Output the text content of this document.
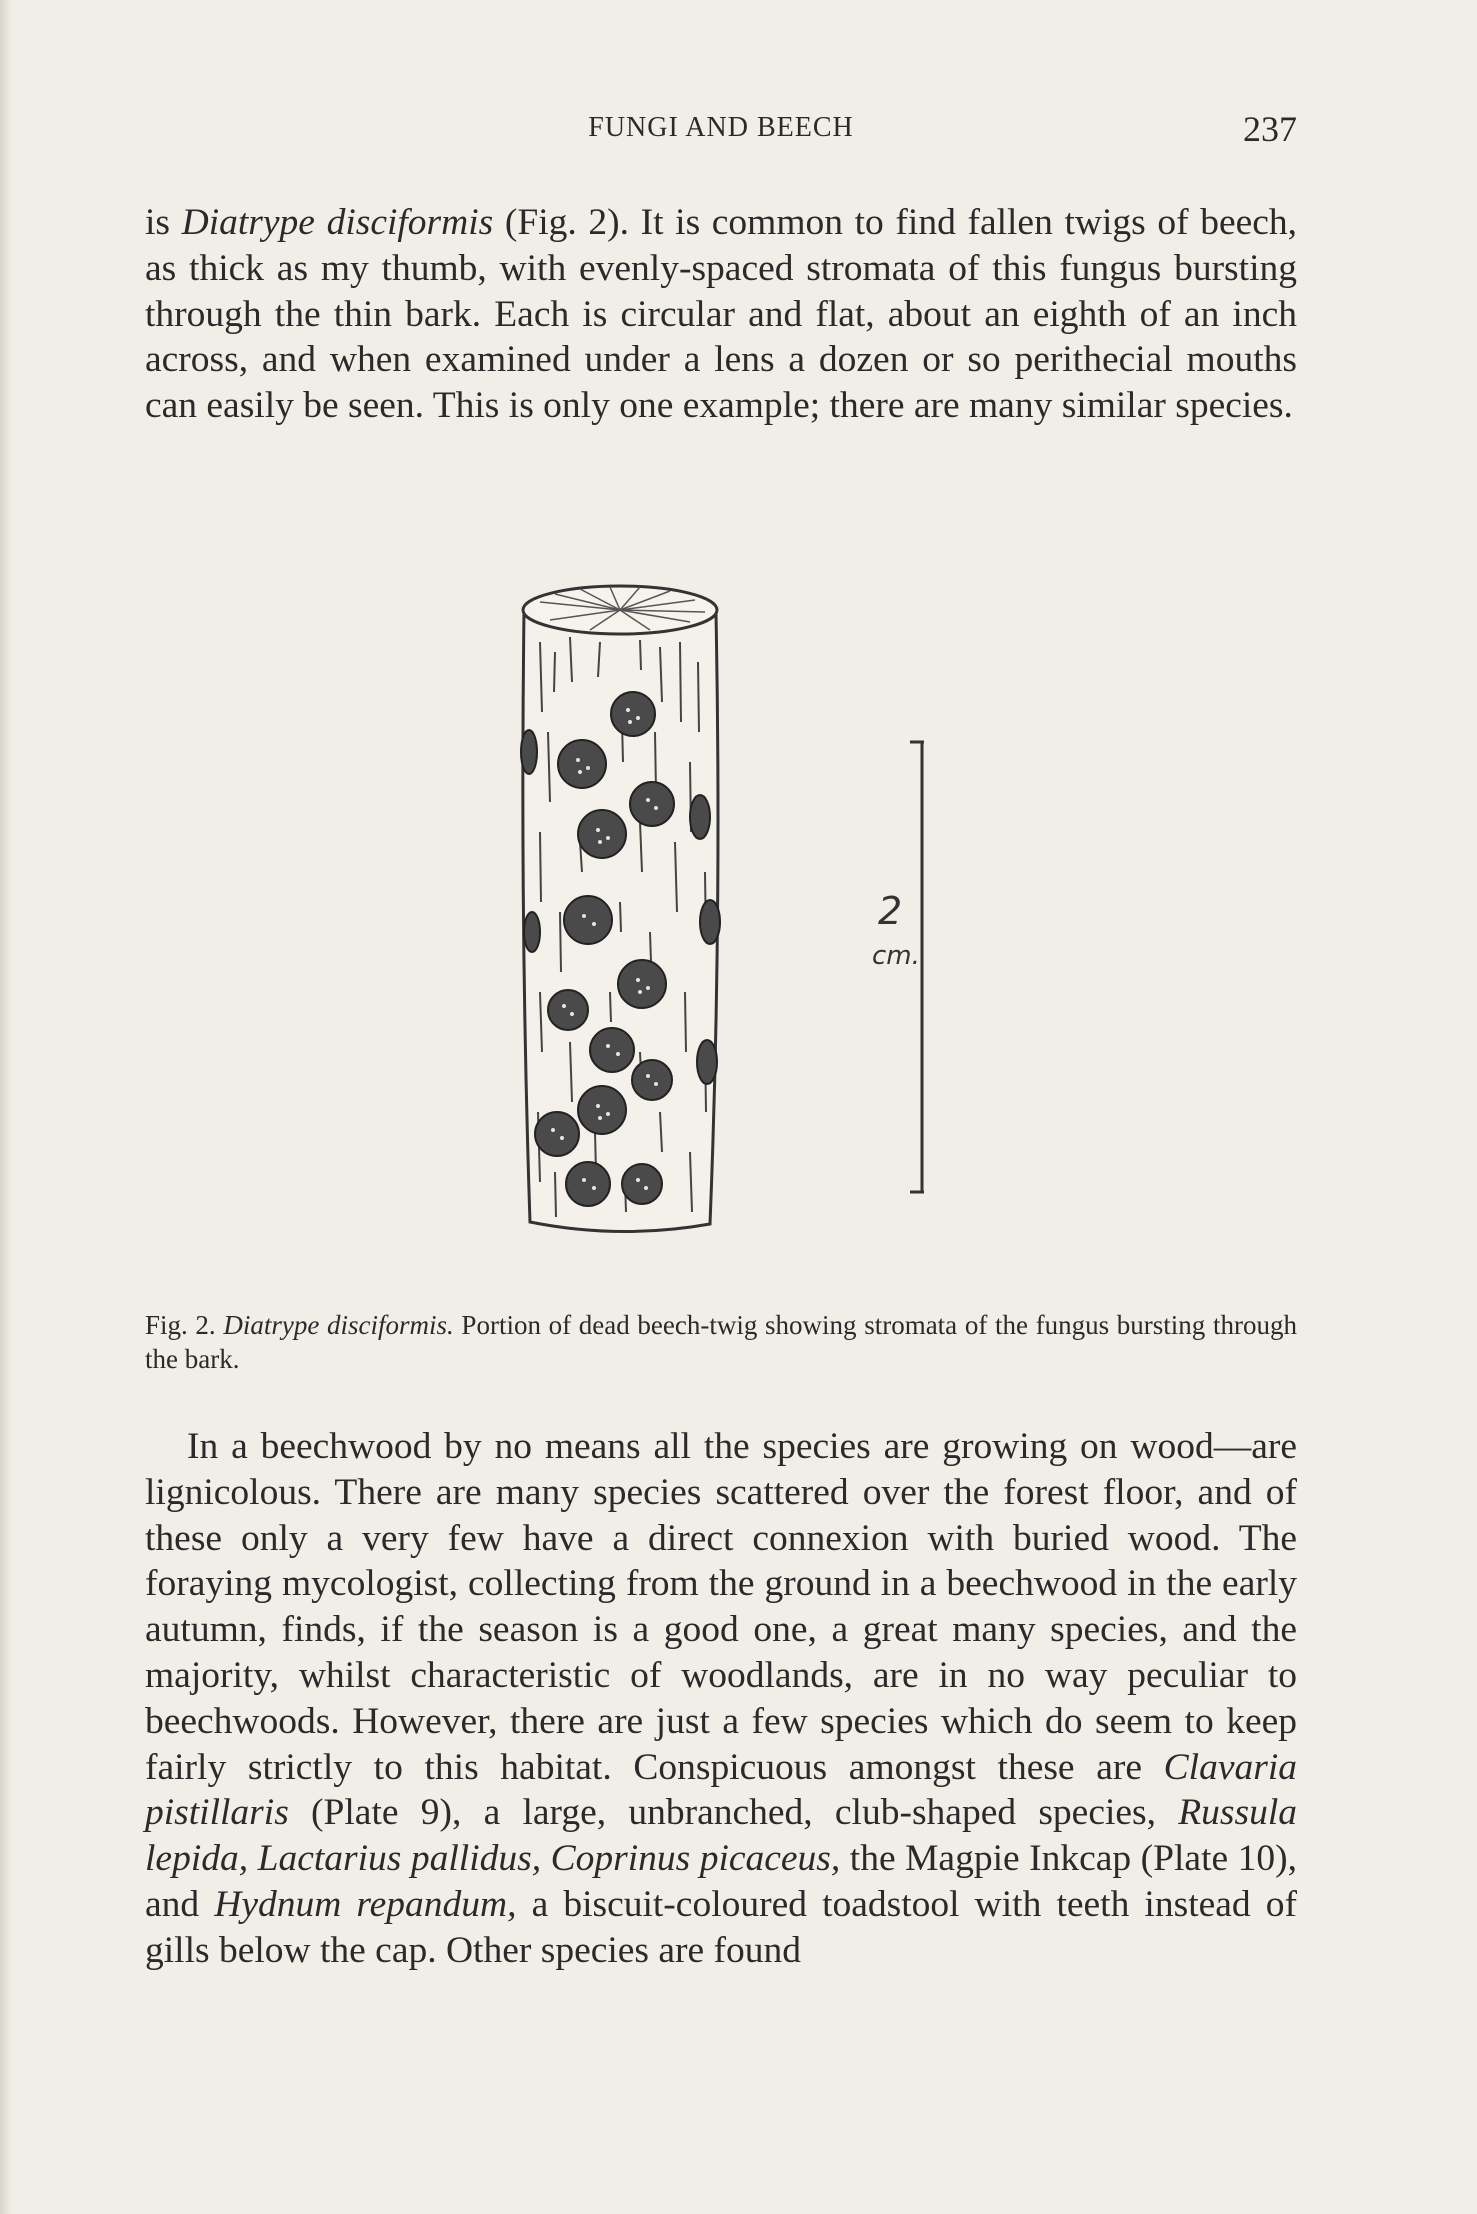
FUNGI AND BEECH	237

is Diatrype disciformis (Fig. 2). It is common to find fallen twigs of beech, as thick as my thumb, with evenly-spaced stromata of this fungus bursting through the thin bark. Each is circular and flat, about an eighth of an inch across, and when examined under a lens a dozen or so perithecial mouths can easily be seen. This is only one example; there are many similar species.

2
cm.

Fig. 2. Diatrype disciformis. Portion of dead beech-twig showing stromata of the fungus bursting through the bark.

In a beechwood by no means all the species are growing on wood—are lignicolous. There are many species scattered over the forest floor, and of these only a very few have a direct connexion with buried wood. The foraying mycologist, collecting from the ground in a beechwood in the early autumn, finds, if the season is a good one, a great many species, and the majority, whilst characteristic of woodlands, are in no way peculiar to beechwoods. However, there are just a few species which do seem to keep fairly strictly to this habitat. Conspicuous amongst these are Clavaria pistillaris (Plate 9), a large, unbranched, club-shaped species, Russula lepida, Lactarius pallidus, Coprinus picaceus, the Magpie Inkcap (Plate 10), and Hydnum repandum, a biscuit-coloured toadstool with teeth instead of gills below the cap. Other species are found
